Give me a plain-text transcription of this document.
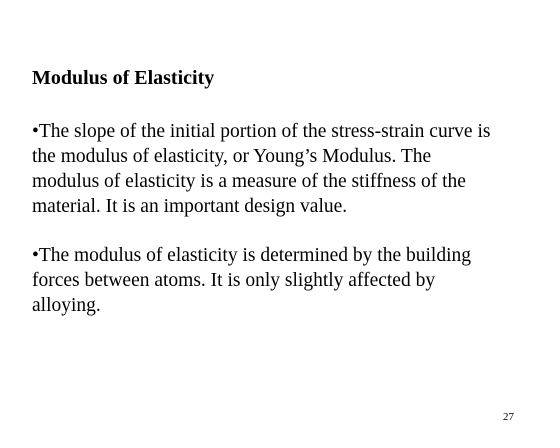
Modulus of Elasticity

•The slope of the initial portion of the stress-strain curve is
the modulus of elasticity, or Young’s Modulus. The
modulus of elasticity is a measure of the stiffness of the
material. It is an important design value.

•The modulus of elasticity is determined by the building
forces between atoms. It is only slightly affected by
alloying.

27
